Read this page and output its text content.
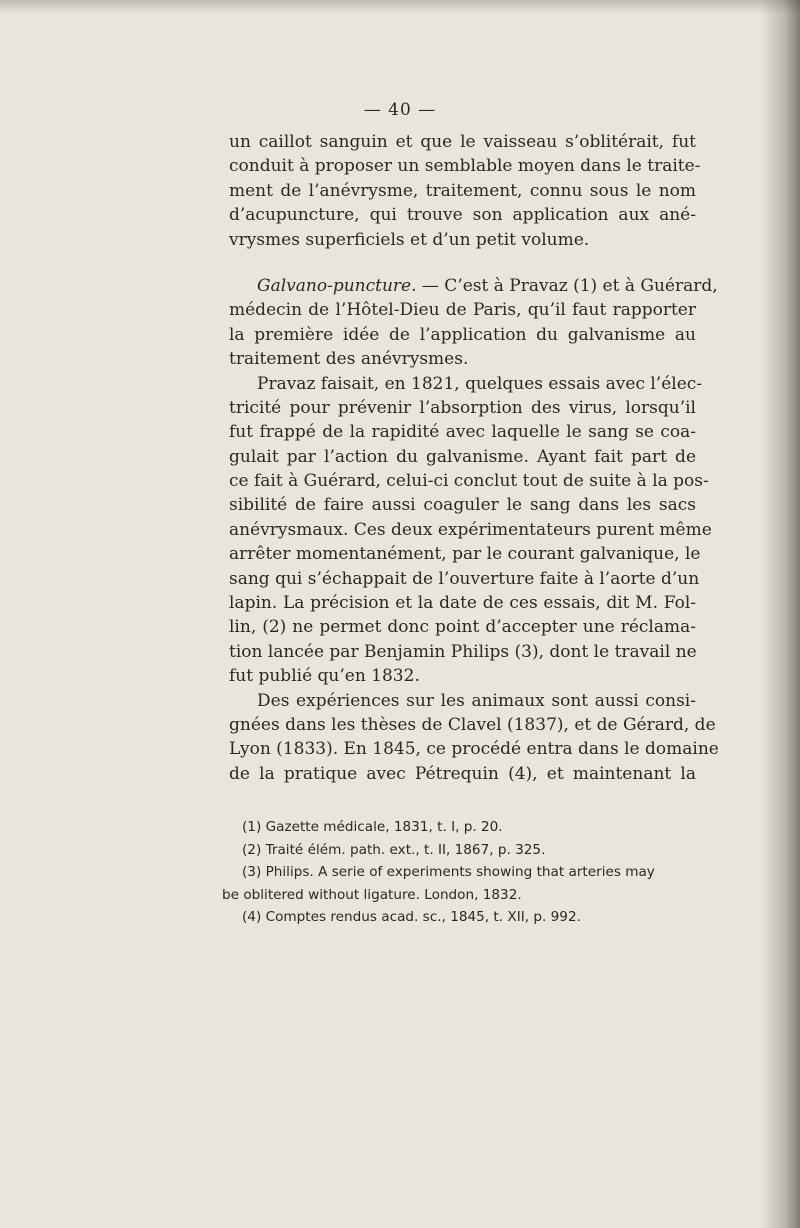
— 40 —
un caillot sanguin et que le vaisseau s’oblitérait, fut
conduit à proposer un semblable moyen dans le traite-
ment de l’anévrysme, traitement, connu sous le nom
d’acupuncture, qui trouve son application aux ané-
vrysmes superficiels et d’un petit volume.
Galvano-puncture. — C’est à Pravaz (1) et à Guérard,
médecin de l’Hôtel-Dieu de Paris, qu’il faut rapporter
la première idée de l’application du galvanisme au
traitement des anévrysmes.
Pravaz faisait, en 1821, quelques essais avec l’élec-
tricité pour prévenir l’absorption des virus, lorsqu’il
fut frappé de la rapidité avec laquelle le sang se coa-
gulait par l’action du galvanisme. Ayant fait part de
ce fait à Guérard, celui-ci conclut tout de suite à la pos-
sibilité de faire aussi coaguler le sang dans les sacs
anévrysmaux. Ces deux expérimentateurs purent même
arrêter momentanément, par le courant galvanique, le
sang qui s’échappait de l’ouverture faite à l’aorte d’un
lapin. La précision et la date de ces essais, dit M. Fol-
lin, (2) ne permet donc point d’accepter une réclama-
tion lancée par Benjamin Philips (3), dont le travail ne
fut publié qu’en 1832.
Des expériences sur les animaux sont aussi consi-
gnées dans les thèses de Clavel (1837), et de Gérard, de
Lyon (1833). En 1845, ce procédé entra dans le domaine
de la pratique avec Pétrequin (4), et maintenant la
(1) Gazette médicale, 1831, t. I, p. 20.
(2) Traité élém. path. ext., t. II, 1867, p. 325.
(3) Philips. A serie of experiments showing that arteries may
be oblitered without ligature. London, 1832.
(4) Comptes rendus acad. sc., 1845, t. XII, p. 992.
